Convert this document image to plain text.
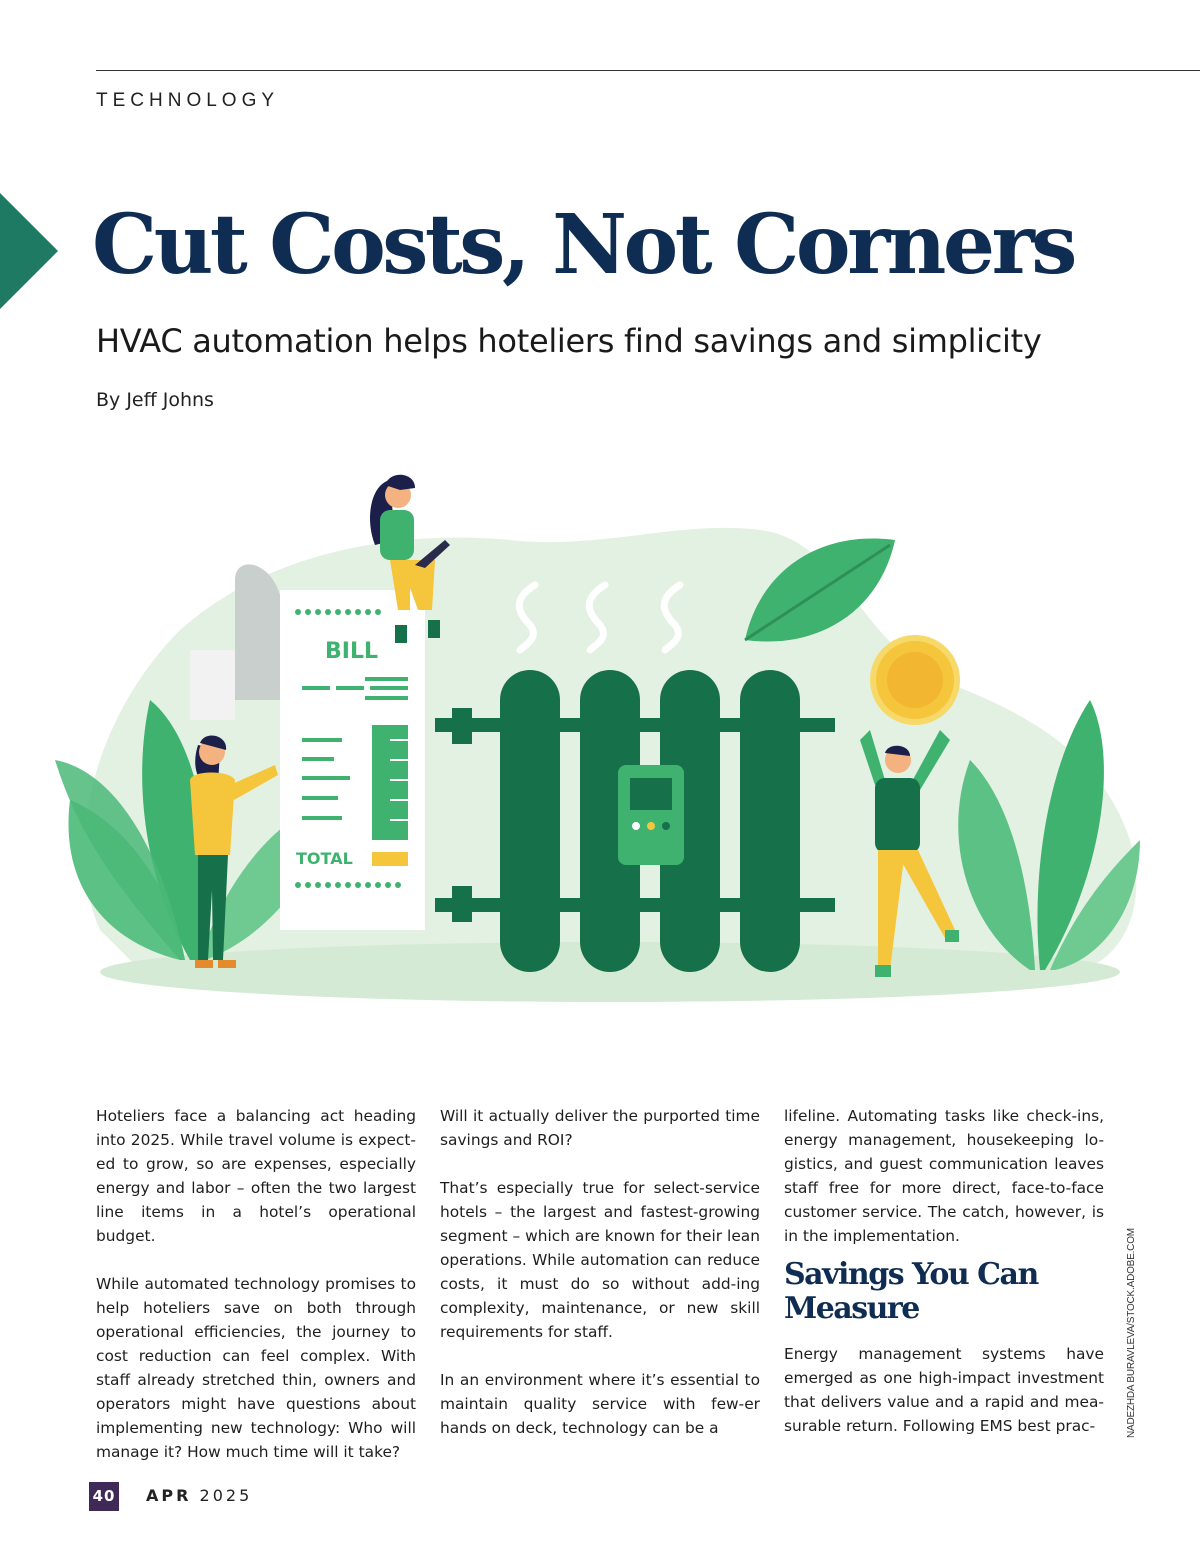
TECHNOLOGY
Cut Costs, Not Corners
HVAC automation helps hoteliers find savings and simplicity
By Jeff Johns
BILL
TOTAL

Hoteliers face a balancing act heading into 2025. While travel volume is expect-ed to grow, so are expenses, especially energy and labor – often the two largest line items in a hotel’s operational budget.

While automated technology promises to help hoteliers save on both through operational efficiencies, the journey to cost reduction can feel complex. With staff already stretched thin, owners and operators might have questions about implementing new technology: Who will manage it? How much time will it take?

Will it actually deliver the purported time savings and ROI?

That’s especially true for select-service hotels – the largest and fastest-growing segment – which are known for their lean operations. While automation can reduce costs, it must do so without add-ing complexity, maintenance, or new skill requirements for staff.

In an environment where it’s essential to maintain quality service with few-er hands on deck, technology can be a

lifeline. Automating tasks like check-ins, energy management, housekeeping lo-gistics, and guest communication leaves staff free for more direct, face-to-face customer service. The catch, however, is in the implementation.

Savings You Can Measure

Energy management systems have emerged as one high-impact investment that delivers value and a rapid and mea-surable return. Following EMS best prac-	NADEZHDA BURAVLEVA/STOCK.ADOBE.COM
40 APR 2025
